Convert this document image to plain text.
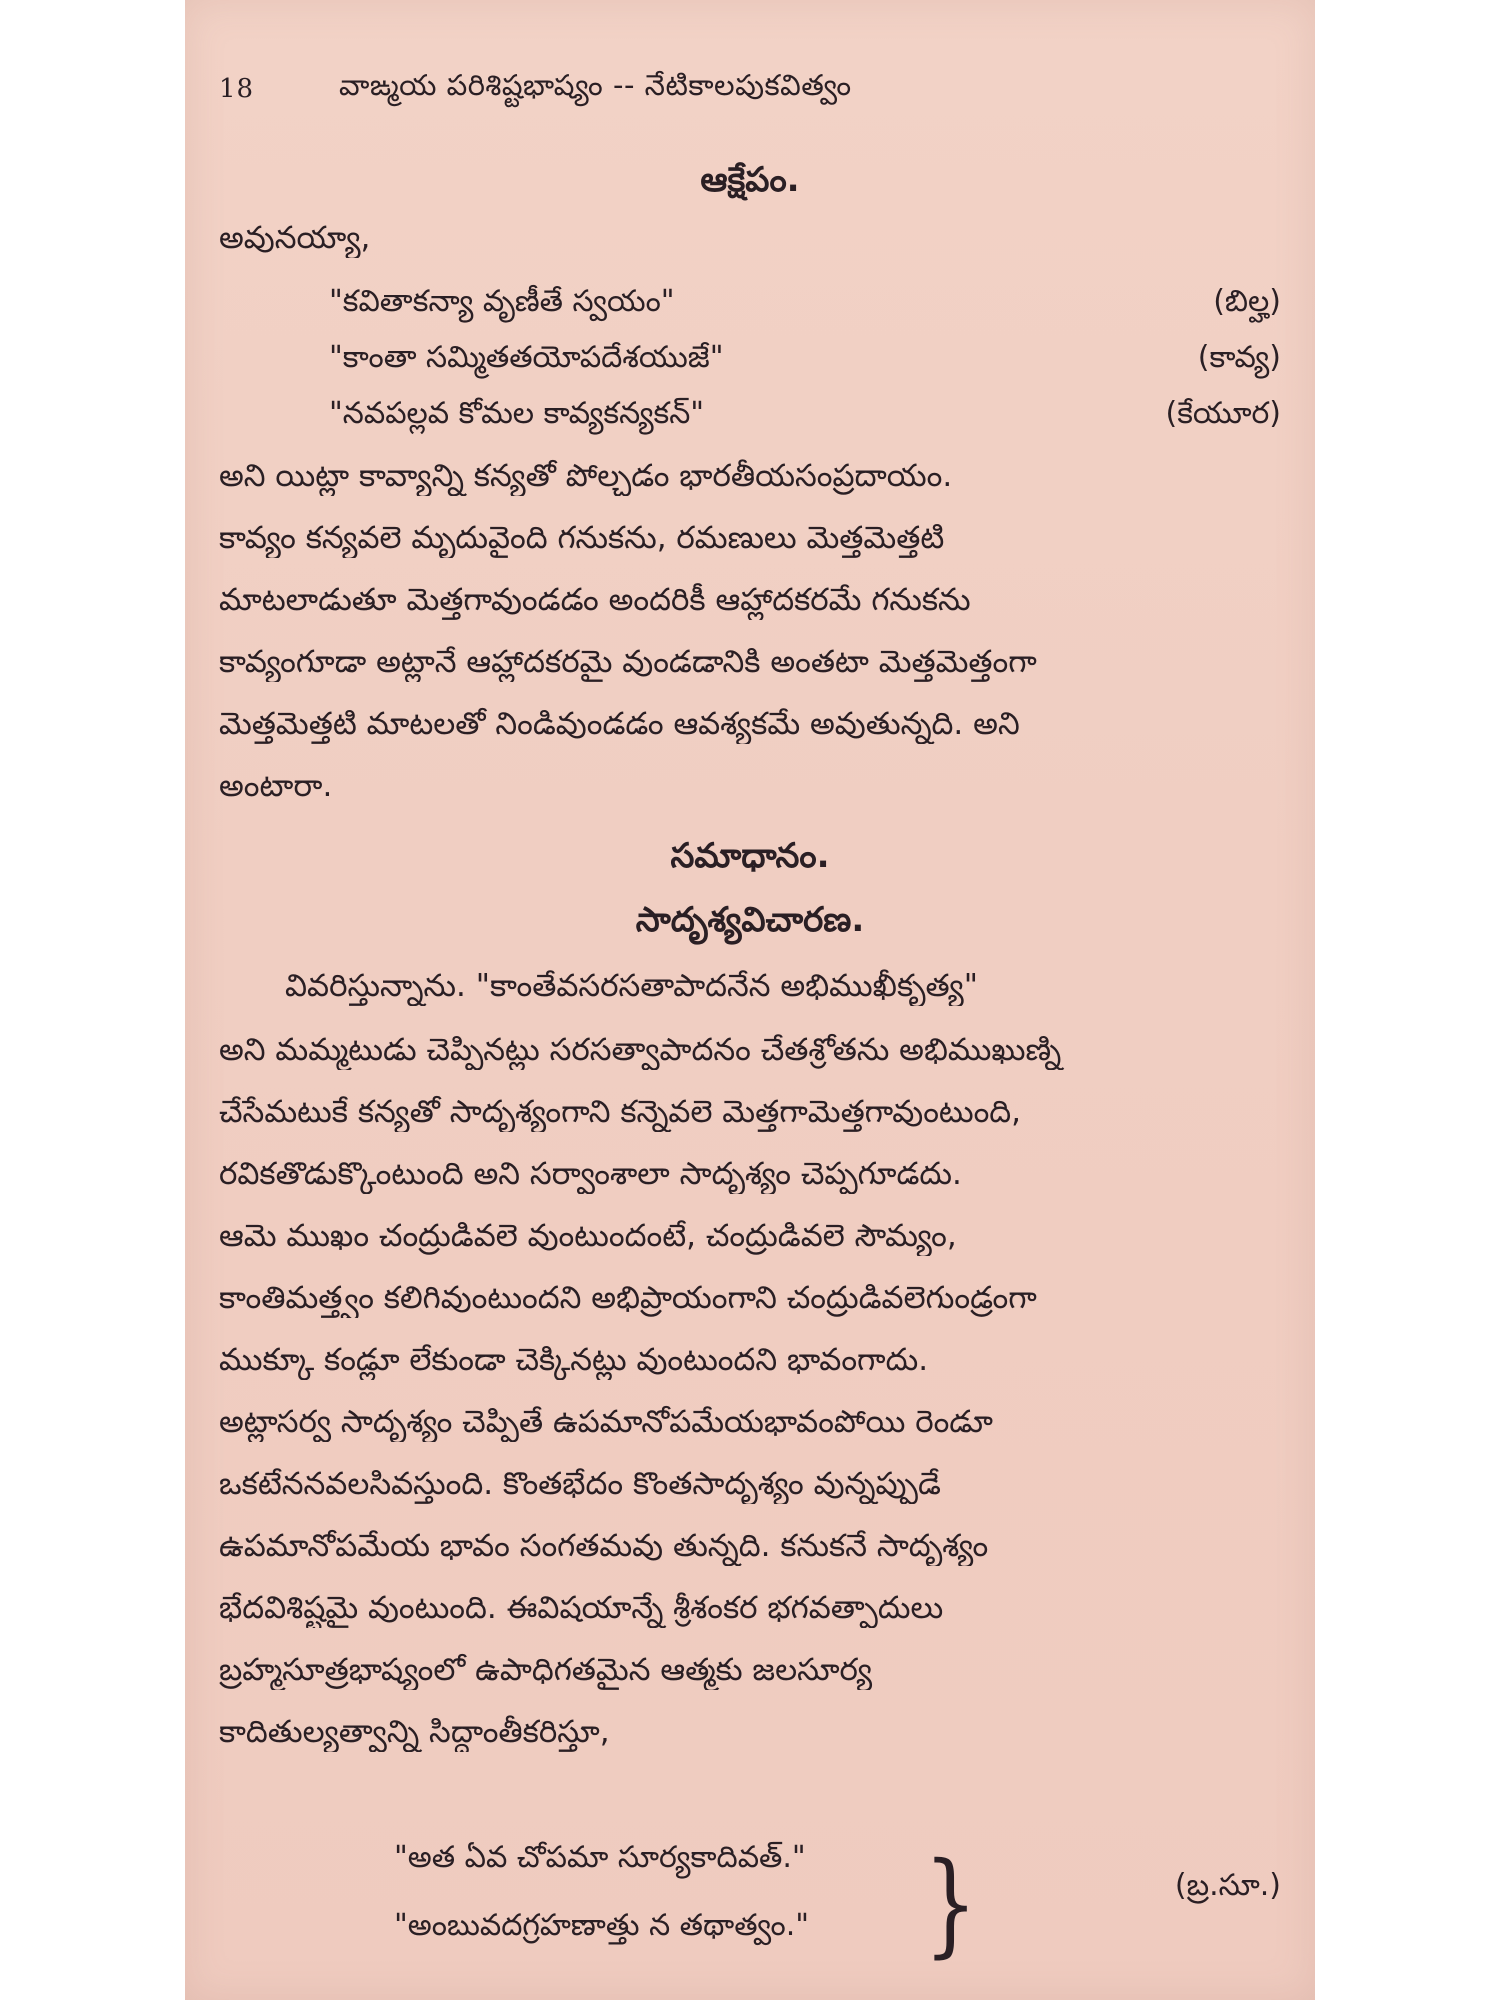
18	వాఙ్మయ పరిశిష్టభాష్యం -- నేటికాలపుకవిత్వం
ఆక్షేపం.
అవునయ్యా,
"కవితాకన్యా వృణీతే స్వయం"	(బిల్హ)
"కాంతా సమ్మితతయోపదేశయుజే"	(కావ్య)
"నవపల్లవ కోమల కావ్యకన్యకన్"	(కేయూర)
అని యిట్లా కావ్యాన్ని కన్యతో పోల్చడం భారతీయసంప్రదాయం.
కావ్యం కన్యవలె మృదువైంది గనుకను, రమణులు మెత్తమెత్తటి
మాటలాడుతూ మెత్తగావుండడం అందరికీ ఆహ్లాదకరమే గనుకను
కావ్యంగూడా అట్లానే ఆహ్లాదకరమై వుండడానికి అంతటా మెత్తమెత్తంగా
మెత్తమెత్తటి మాటలతో నిండివుండడం ఆవశ్యకమే అవుతున్నది. అని
అంటారా.
సమాధానం.
సాదృశ్యవిచారణ.
వివరిస్తున్నాను. "కాంతేవసరసతాపాదనేన అభిముఖీకృత్య"
అని మమ్మటుడు చెప్పినట్లు సరసత్వాపాదనం చేతశ్రోతను అభిముఖుణ్ని
చేసేమటుకే కన్యతో సాదృశ్యంగాని కన్నెవలె మెత్తగామెత్తగావుంటుంది,
రవికతొడుక్కొంటుంది అని సర్వాంశాలా సాదృశ్యం చెప్పగూడదు.
ఆమె ముఖం చంద్రుడివలె వుంటుందంటే, చంద్రుడివలె సౌమ్యం,
కాంతిమత్త్వం కలిగివుంటుందని అభిప్రాయంగాని చంద్రుడివలెగుండ్రంగా
ముక్కూ కండ్లూ లేకుండా చెక్కినట్లు వుంటుందని భావంగాదు.
అట్లాసర్వ సాదృశ్యం చెప్పితే ఉపమానోపమేయభావంపోయి రెండూ
ఒకటేననవలసివస్తుంది. కొంతభేదం కొంతసాదృశ్యం వున్నప్పుడే
ఉపమానోపమేయ భావం సంగతమవు తున్నది. కనుకనే సాదృశ్యం
భేదవిశిష్టమై వుంటుంది. ఈవిషయాన్నే శ్రీశంకర భగవత్పాదులు
బ్రహ్మసూత్రభాష్యంలో ఉపాధిగతమైన ఆత్మకు జలసూర్య
కాదితుల్యత్వాన్ని సిద్ధాంతీకరిస్తూ,
"అత ఏవ చోపమా సూర్యకాదివత్."
"అంబువదగ్రహణాత్తు న తథాత్వం." }	(బ్ర.సూ.)
